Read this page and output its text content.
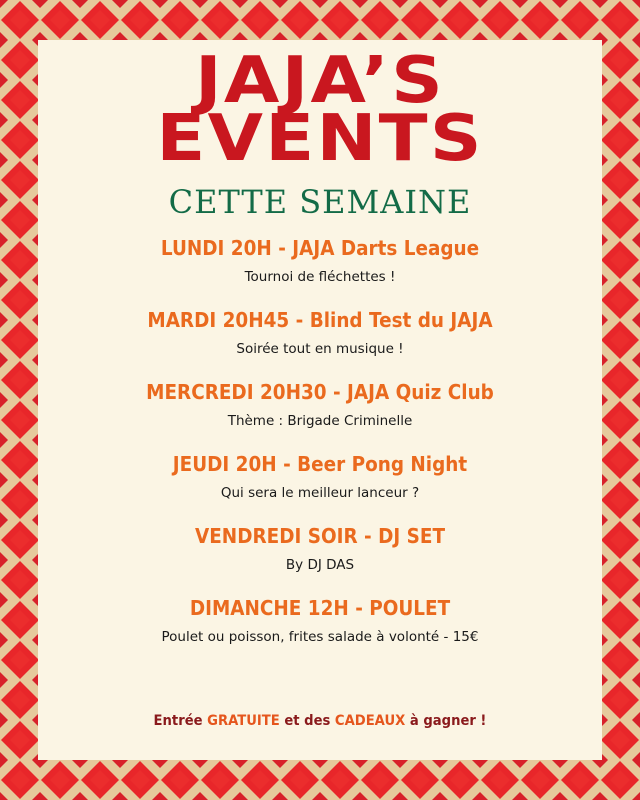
JAJA’S
EVENTS
CETTE SEMAINE
LUNDI 20H - JAJA Darts League
Tournoi de fléchettes !
MARDI 20H45 - Blind Test du JAJA
Soirée tout en musique !
MERCREDI 20H30 - JAJA Quiz Club
Thème : Brigade Criminelle
JEUDI 20H - Beer Pong Night
Qui sera le meilleur lanceur ?
VENDREDI SOIR - DJ SET
By DJ DAS
DIMANCHE 12H - POULET
Poulet ou poisson, frites salade à volonté - 15€
Entrée GRATUITE et des CADEAUX à gagner !
